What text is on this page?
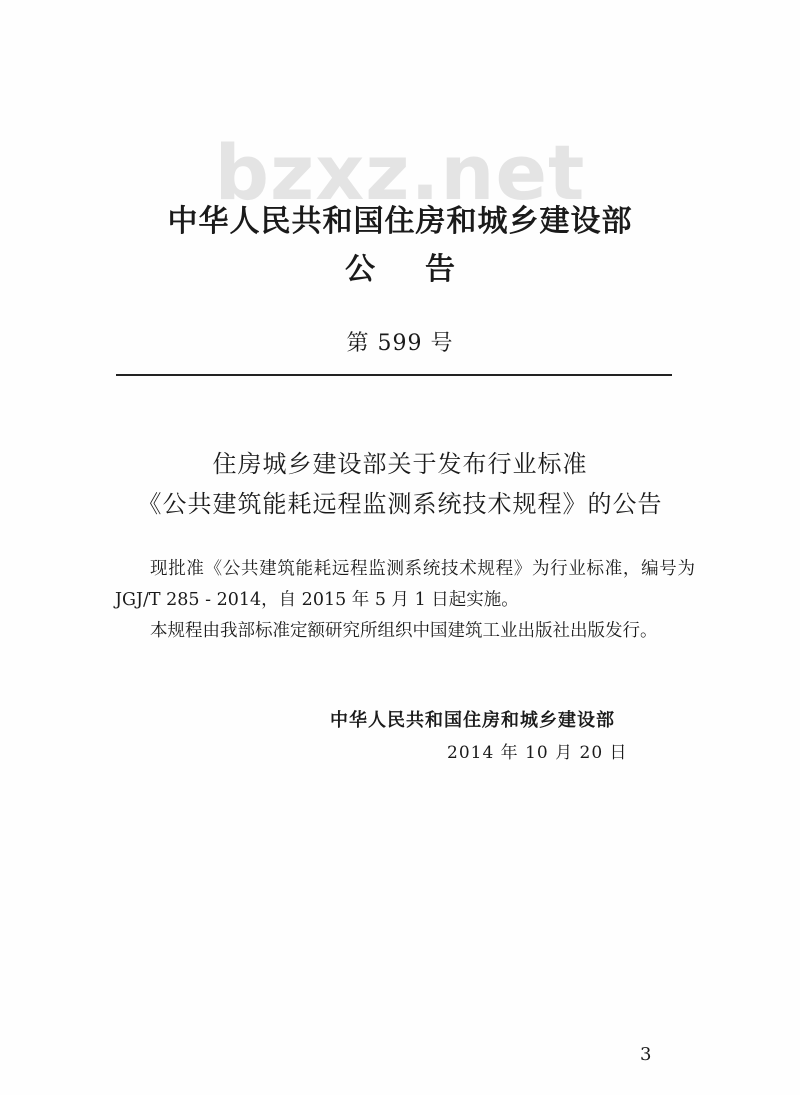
bzxz.net
中华人民共和国住房和城乡建设部
公告
第 599 号
住房城乡建设部关于发布行业标准
《公共建筑能耗远程监测系统技术规程》的公告

现批准《公共建筑能耗远程监测系统技术规程》为行业标准，编号为 JGJ/T 285 - 2014，自 2015 年 5 月 1 日起实施。

本规程由我部标准定额研究所组织中国建筑工业出版社出版发行。

中华人民共和国住房和城乡建设部
2014 年 10 月 20 日
3
